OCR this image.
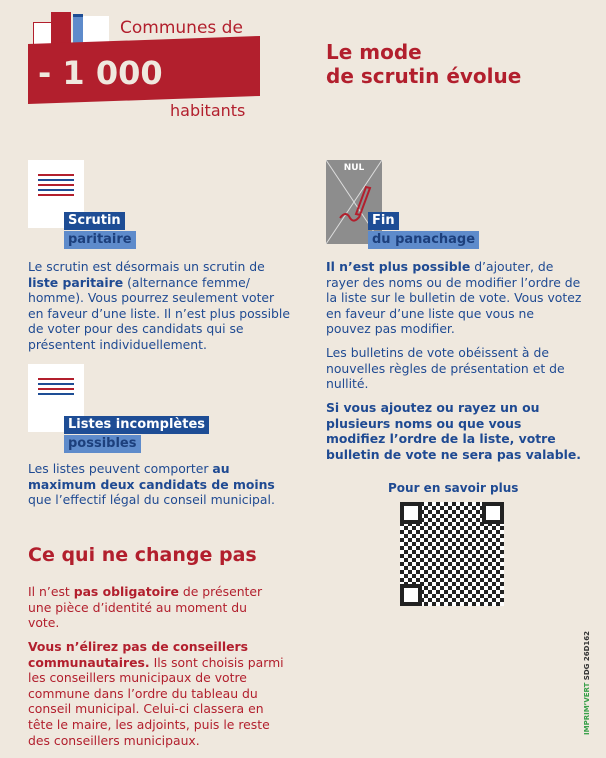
Communes de
- 1 000
habitants
Le mode
de scrutin évolue
Scrutin
paritaire

Le scrutin est désormais un scrutin de liste paritaire (alternance femme/ homme). Vous pourrez seulement voter en faveur d’une liste. Il n’est plus possible de voter pour des candidats qui se présentent individuellement.

Listes incomplètes
possibles

Les listes peuvent comporter au maximum deux candidats de moins que l’effectif légal du conseil municipal.

NUL
Fin
du panachage

Il n’est plus possible d’ajouter, de rayer des noms ou de modifier l’ordre de la liste sur le bulletin de vote. Vous votez en faveur d’une liste que vous ne pouvez pas modifier.

Les bulletins de vote obéissent à de nouvelles règles de présentation et de nullité.

Si vous ajoutez ou rayez un ou plusieurs noms ou que vous modifiez l’ordre de la liste, votre bulletin de vote ne sera pas valable.

Pour en savoir plus
Ce qui ne change pas

Il n’est pas obligatoire de présenter une pièce d’identité au moment du vote.

Vous n’élirez pas de conseillers communautaires. Ils sont choisis parmi les conseillers municipaux de votre commune dans l’ordre du tableau du conseil municipal. Celui-ci classera en tête le maire, les adjoints, puis le reste des conseillers municipaux.

IMPRIM’VERT SDG 26D162
